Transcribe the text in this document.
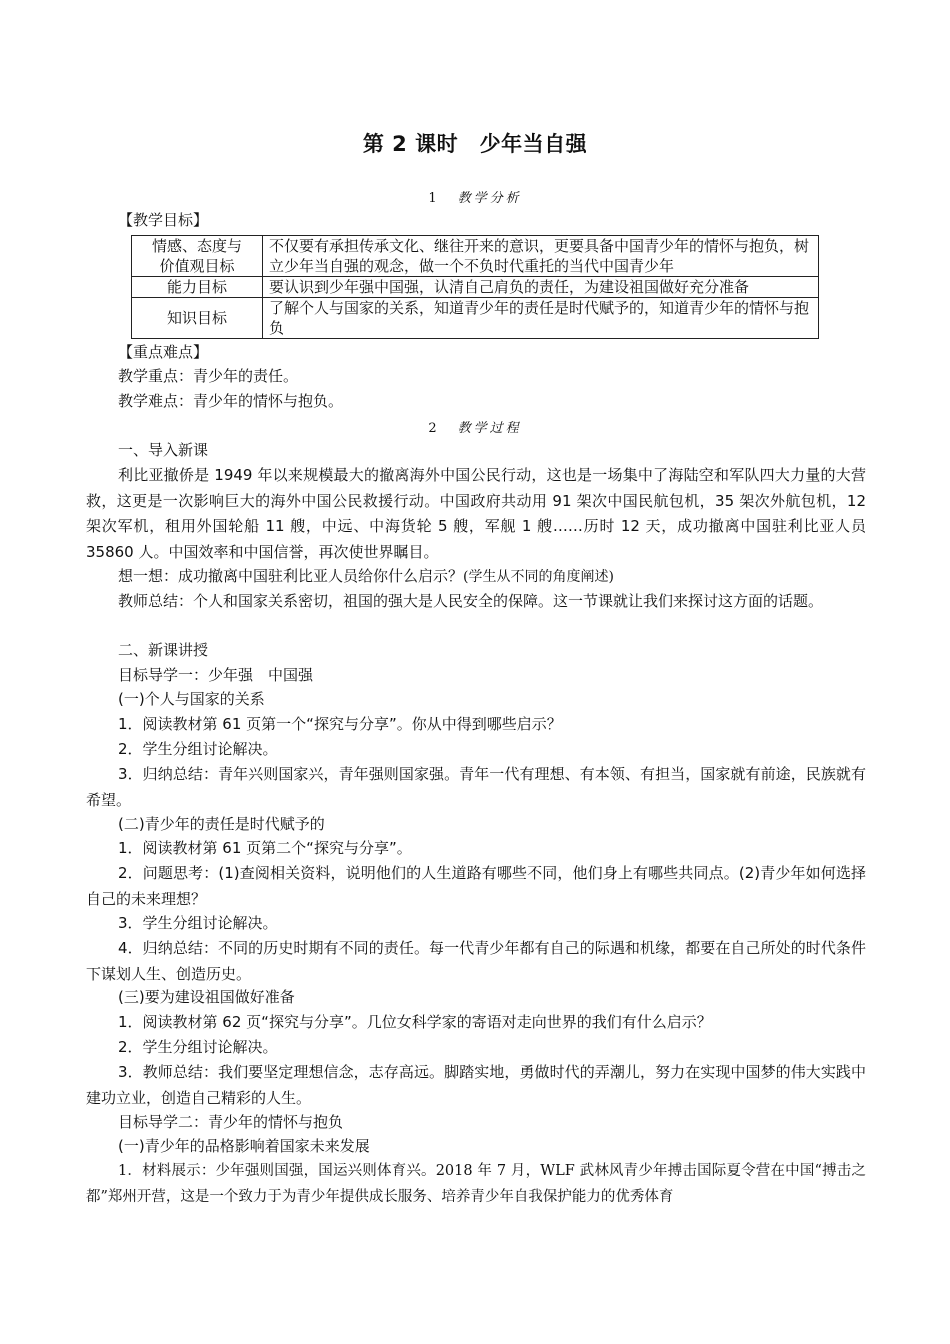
第 2 课时　少年当自强
1 教学分析

【教学目标】

情感、态度与
价值观目标	不仅要有承担传承文化、继往开来的意识，更要具备中国青少年的情怀与抱负，树立少年当自强的观念，做一个不负时代重托的当代中国青少年
能力目标	要认识到少年强中国强，认清自己肩负的责任，为建设祖国做好充分准备
知识目标	了解个人与国家的关系，知道青少年的责任是时代赋予的，知道青少年的情怀与抱负

【重点难点】

教学重点：青少年的责任。

教学难点：青少年的情怀与抱负。

2 教学过程

一、导入新课

利比亚撤侨是 1949 年以来规模最大的撤离海外中国公民行动，这也是一场集中了海陆空和军队四大力量的大营救，这更是一次影响巨大的海外中国公民救援行动。中国政府共动用 91 架次中国民航包机，35 架次外航包机，12 架次军机，租用外国轮船 11 艘，中远、中海货轮 5 艘，军舰 1 艘……历时 12 天，成功撤离中国驻利比亚人员 35860 人。中国效率和中国信誉，再次使世界瞩目。

想一想：成功撤离中国驻利比亚人员给你什么启示？(学生从不同的角度阐述)

教师总结：个人和国家关系密切，祖国的强大是人民安全的保障。这一节课就让我们来探讨这方面的话题。

二、新课讲授

目标导学一：少年强　中国强

(一)个人与国家的关系

1．阅读教材第 61 页第一个“探究与分享”。你从中得到哪些启示？

2．学生分组讨论解决。

3．归纳总结：青年兴则国家兴，青年强则国家强。青年一代有理想、有本领、有担当，国家就有前途，民族就有希望。

(二)青少年的责任是时代赋予的

1．阅读教材第 61 页第二个“探究与分享”。

2．问题思考：(1)查阅相关资料，说明他们的人生道路有哪些不同，他们身上有哪些共同点。(2)青少年如何选择自己的未来理想？

3．学生分组讨论解决。

4．归纳总结：不同的历史时期有不同的责任。每一代青少年都有自己的际遇和机缘，都要在自己所处的时代条件下谋划人生、创造历史。

(三)要为建设祖国做好准备

1．阅读教材第 62 页“探究与分享”。几位女科学家的寄语对走向世界的我们有什么启示？

2．学生分组讨论解决。

3．教师总结：我们要坚定理想信念，志存高远。脚踏实地，勇做时代的弄潮儿，努力在实现中国梦的伟大实践中建功立业，创造自己精彩的人生。

目标导学二：青少年的情怀与抱负

(一)青少年的品格影响着国家未来发展

1．材料展示：少年强则国强，国运兴则体育兴。2018 年 7 月，WLF 武林风青少年搏击国际夏令营在中国“搏击之都”郑州开营，这是一个致力于为青少年提供成长服务、培养青少年自我保护能力的优秀体育
